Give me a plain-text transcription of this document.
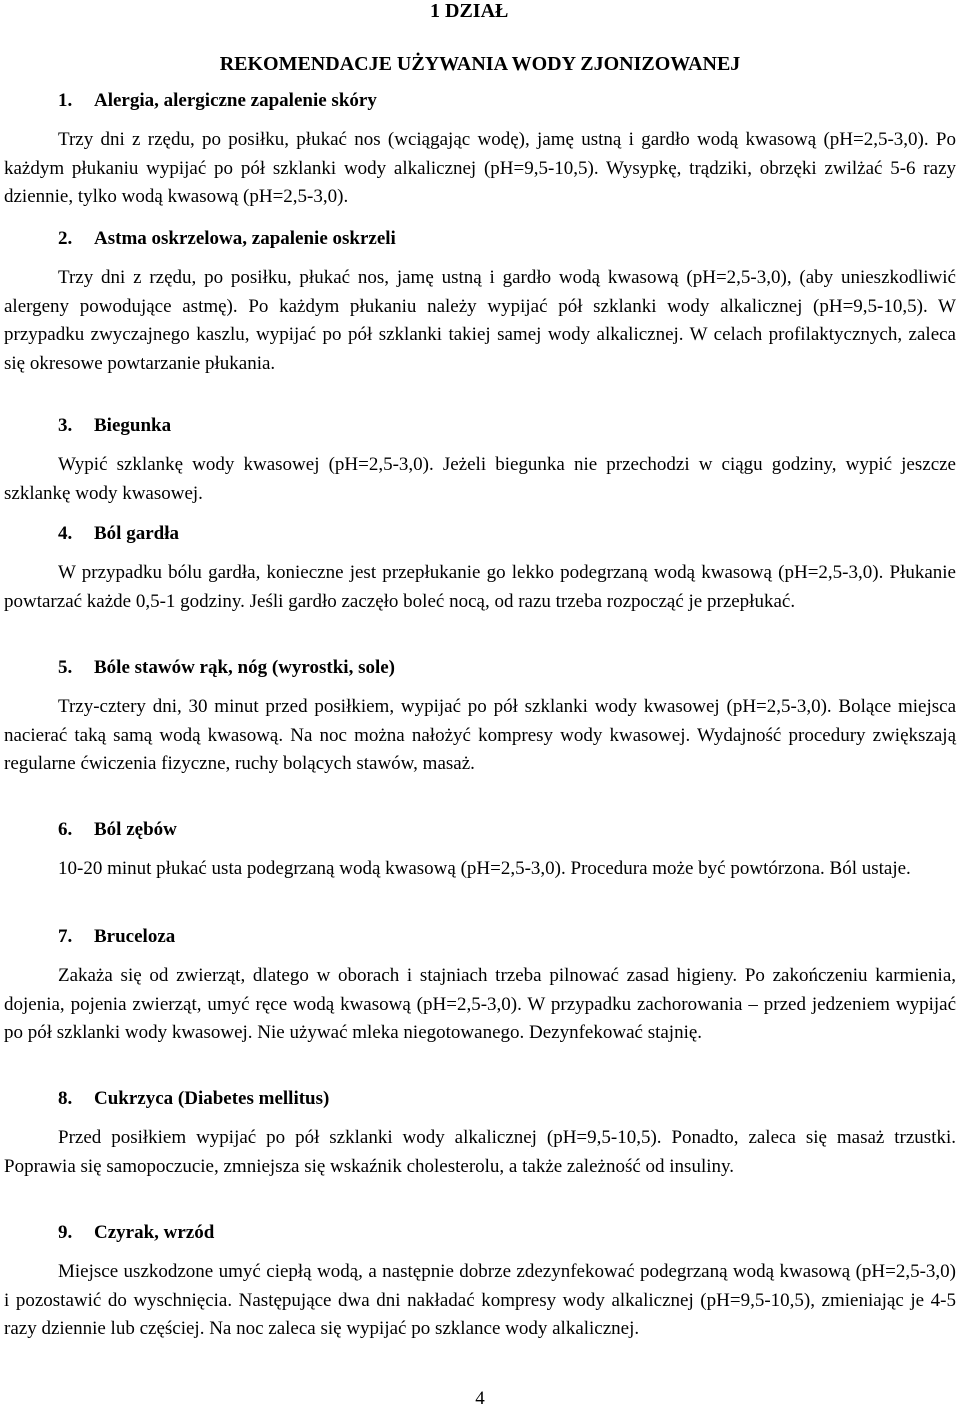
1 DZIAŁ
REKOMENDACJE UŻYWANIA WODY ZJONIZOWANEJ
1. Alergia, alergiczne zapalenie skóry

Trzy dni z rzędu, po posiłku, płukać nos (wciągając wodę), jamę ustną i gardło wodą kwasową (pH=2,5-3,0). Po każdym płukaniu wypijać po pół szklanki wody alkalicznej (pH=9,5-10,5). Wysypkę, trądziki, obrzęki zwilżać 5-6 razy dziennie, tylko wodą kwasową (pH=2,5-3,0).

2. Astma oskrzelowa, zapalenie oskrzeli

Trzy dni z rzędu, po posiłku, płukać nos, jamę ustną i gardło wodą kwasową (pH=2,5-3,0), (aby unieszkodliwić alergeny powodujące astmę). Po każdym płukaniu należy wypijać pół szklanki wody alkalicznej (pH=9,5-10,5). W przypadku zwyczajnego kaszlu, wypijać po pół szklanki takiej samej wody alkalicznej. W celach profilaktycznych, zaleca się okresowe powtarzanie płukania.

3. Biegunka

Wypić szklankę wody kwasowej (pH=2,5-3,0). Jeżeli biegunka nie przechodzi w ciągu godziny, wypić jeszcze szklankę wody kwasowej.

4. Ból gardła

W przypadku bólu gardła, konieczne jest przepłukanie go lekko podegrzaną wodą kwasową (pH=2,5-3,0). Płukanie powtarzać każde 0,5-1 godziny. Jeśli gardło zaczęło boleć nocą, od razu trzeba rozpocząć je przepłukać.

5. Bóle stawów rąk, nóg (wyrostki, sole)

Trzy-cztery dni, 30 minut przed posiłkiem, wypijać po pół szklanki wody kwasowej (pH=2,5-3,0). Bolące miejsca nacierać taką samą wodą kwasową. Na noc można nałożyć kompresy wody kwasowej. Wydajność procedury zwiększają regularne ćwiczenia fizyczne, ruchy bolących stawów, masaż.

6. Ból zębów

10-20 minut płukać usta podegrzaną wodą kwasową (pH=2,5-3,0). Procedura może być powtórzona. Ból ustaje.

7. Bruceloza

Zakaża się od zwierząt, dlatego w oborach i stajniach trzeba pilnować zasad higieny. Po zakończeniu karmienia, dojenia, pojenia zwierząt, umyć ręce wodą kwasową (pH=2,5-3,0). W przypadku zachorowania – przed jedzeniem wypijać po pół szklanki wody kwasowej. Nie używać mleka niegotowanego. Dezynfekować stajnię.

8. Cukrzyca (Diabetes mellitus)

Przed posiłkiem wypijać po pół szklanki wody alkalicznej (pH=9,5-10,5). Ponadto, zaleca się masaż trzustki. Poprawia się samopoczucie, zmniejsza się wskaźnik cholesterolu, a także zależność od insuliny.

9. Czyrak, wrzód

Miejsce uszkodzone umyć ciepłą wodą, a następnie dobrze zdezynfekować podegrzaną wodą kwasową (pH=2,5-3,0) i pozostawić do wyschnięcia. Następujące dwa dni nakładać kompresy wody alkalicznej (pH=9,5-10,5), zmieniając je 4-5 razy dziennie lub częściej. Na noc zaleca się wypijać po szklance wody alkalicznej.

4
